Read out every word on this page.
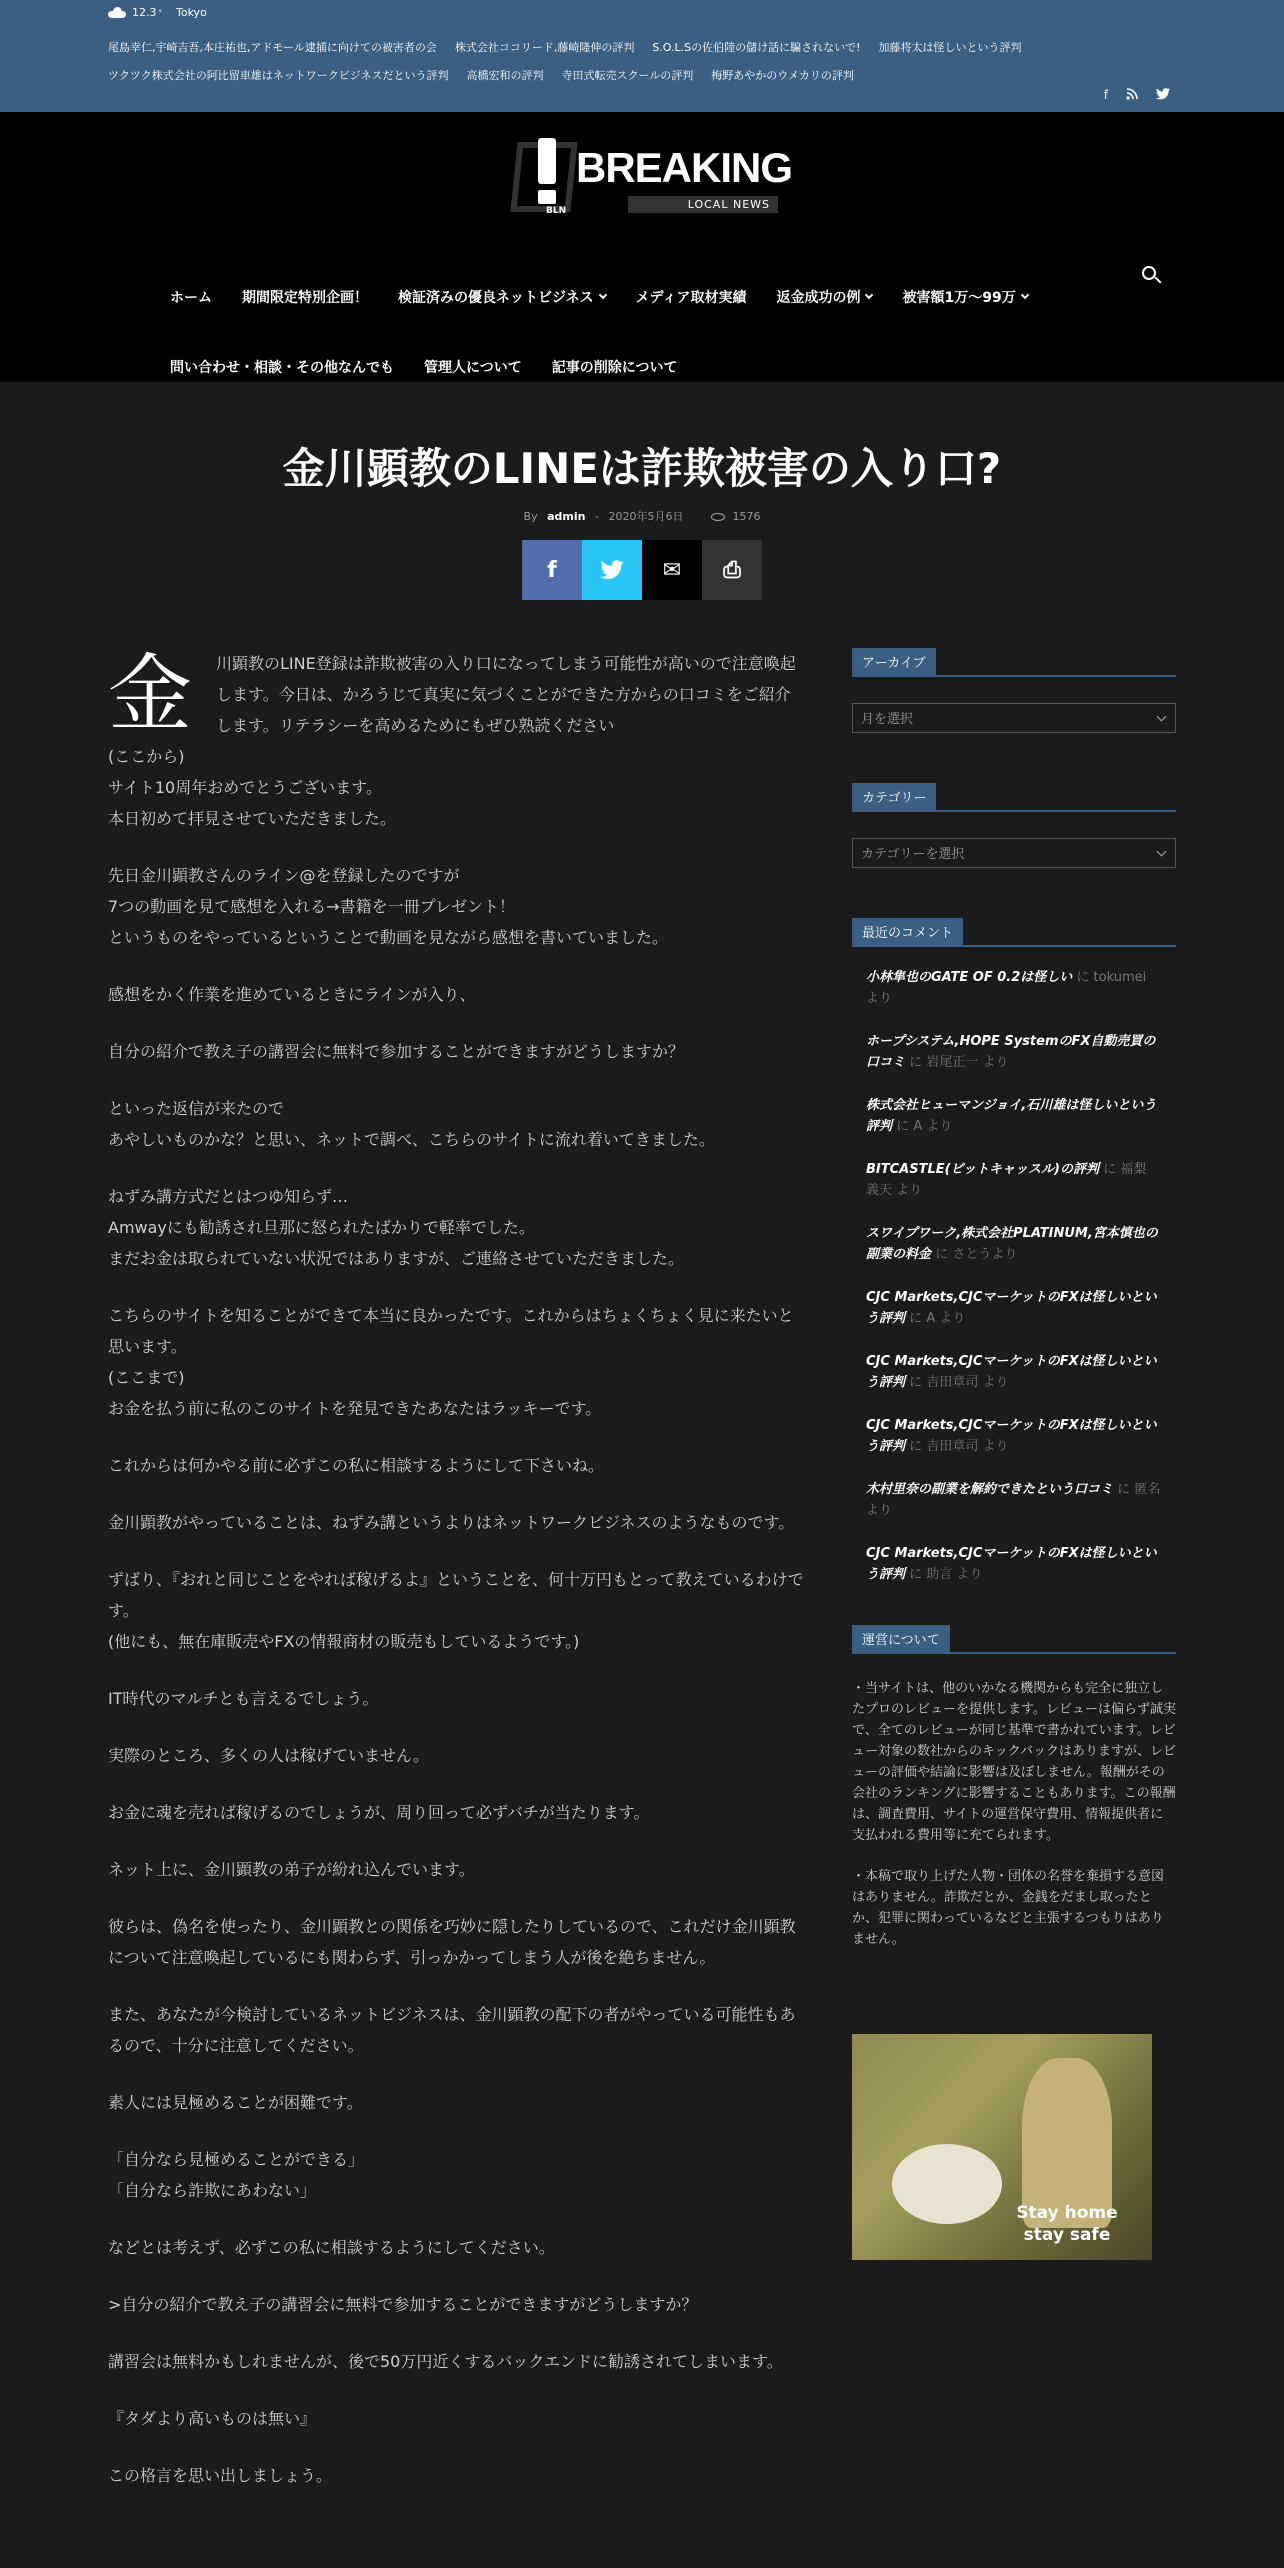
12.3 ° Tokyo
尾島幸仁,宇崎吉吾,本庄祐也,アドモール逮捕に向けての被害者の会 株式会社ココリード,藤崎隆伸の評判 S.O.L.Sの佐伯陸の儲け話に騙されないで! 加藤将太は怪しいという評判
ツクツク株式会社の阿比留車雄はネットワークビジネスだという評判 高橋宏和の評判 寺田式転売スクールの評判 梅野あやかのウメカリの評判
f
BLN
BREAKING
LOCAL NEWS
ホーム 期間限定特別企画！ 検証済みの優良ネットビジネス	メディア取材実績 返金成功の例	被害額1万～99万
問い合わせ・相談・その他なんでも 管理人について 記事の削除について
金川顕教のLINEは詐欺被害の入り口?
By admin - 2020年5月6日	1576
f	✉ ⎙

金 川顕教のLINE登録は詐欺被害の入り口になってしまう可能性が高いので注意喚起します。今日は、かろうじて真実に気づくことができた方からの口コミをご紹介します。リテラシーを高めるためにもぜひ熟読ください

(ここから)
サイト10周年おめでとうございます。
本日初めて拝見させていただきました。

先日金川顕教さんのライン@を登録したのですが
7つの動画を見て感想を入れる→書籍を一冊プレゼント！
というものをやっているということで動画を見ながら感想を書いていました。

感想をかく作業を進めているときにラインが入り、

自分の紹介で教え子の講習会に無料で参加することができますがどうしますか？

といった返信が来たので
あやしいものかな？と思い、ネットで調べ、こちらのサイトに流れ着いてきました。

ねずみ講方式だとはつゆ知らず…
Amwayにも勧誘され旦那に怒られたばかりで軽率でした。
まだお金は取られていない状況ではありますが、ご連絡させていただきました。

こちらのサイトを知ることができて本当に良かったです。これからはちょくちょく見に来たいと思います。
(ここまで)
お金を払う前に私のこのサイトを発見できたあなたはラッキーです。

これからは何かやる前に必ずこの私に相談するようにして下さいね。

金川顕教がやっていることは、ねずみ講というよりはネットワークビジネスのようなものです。

ずばり、『おれと同じことをやれば稼げるよ』ということを、何十万円もとって教えているわけです。
(他にも、無在庫販売やFXの情報商材の販売もしているようです。)

IT時代のマルチとも言えるでしょう。

実際のところ、多くの人は稼げていません。

お金に魂を売れば稼げるのでしょうが、周り回って必ずバチが当たります。

ネット上に、金川顕教の弟子が紛れ込んでいます。

彼らは、偽名を使ったり、金川顕教との関係を巧妙に隠したりしているので、これだけ金川顕教について注意喚起しているにも関わらず、引っかかってしまう人が後を絶ちません。

また、あなたが今検討しているネットビジネスは、金川顕教の配下の者がやっている可能性もあるので、十分に注意してください。

素人には見極めることが困難です。

「自分なら見極めることができる」
「自分なら詐欺にあわない」

などとは考えず、必ずこの私に相談するようにしてください。

>自分の紹介で教え子の講習会に無料で参加することができますがどうしますか？

講習会は無料かもしれませんが、後で50万円近くするバックエンドに勧誘されてしまいます。

『タダより高いものは無い』

この格言を思い出しましょう。

アーカイブ
月を選択
カテゴリー
カテゴリーを選択
最近のコメント
小林隼也のGATE OF 0.2は怪しい に tokumei より
ホープシステム,HOPE SystemのFX自動売買の口コミ に 岩尾正一 より
株式会社ヒューマンジョイ,石川雄は怪しいという評判 に A より
BITCASTLE(ビットキャッスル)の評判 に 福梨　義天 より
スワイプワーク,株式会社PLATINUM,宮本慎也の副業の料金 に さとうより
CJC Markets,CJCマーケットのFXは怪しいという評判 に A より
CJC Markets,CJCマーケットのFXは怪しいという評判 に 吉田章司 より
CJC Markets,CJCマーケットのFXは怪しいという評判 に 吉田章司 より
木村里奈の副業を解約できたという口コミ に 匿名 より
CJC Markets,CJCマーケットのFXは怪しいという評判 に 助言 より
運営について

・当サイトは、他のいかなる機関からも完全に独立したプロのレビューを提供します。レビューは偏らず誠実で、全てのレビューが同じ基準で書かれています。レビュー対象の数社からのキックバックはありますが、レビューの評価や結論に影響は及ぼしません。報酬がその会社のランキングに影響することもあります。この報酬は、調査費用、サイトの運営保守費用、情報提供者に支払われる費用等に充てられます。

・本稿で取り上げた人物・団体の名誉を棄損する意図はありません。詐欺だとか、金銭をだまし取ったとか、犯罪に関わっているなどと主張するつもりはありません。

Stay home
stay safe
